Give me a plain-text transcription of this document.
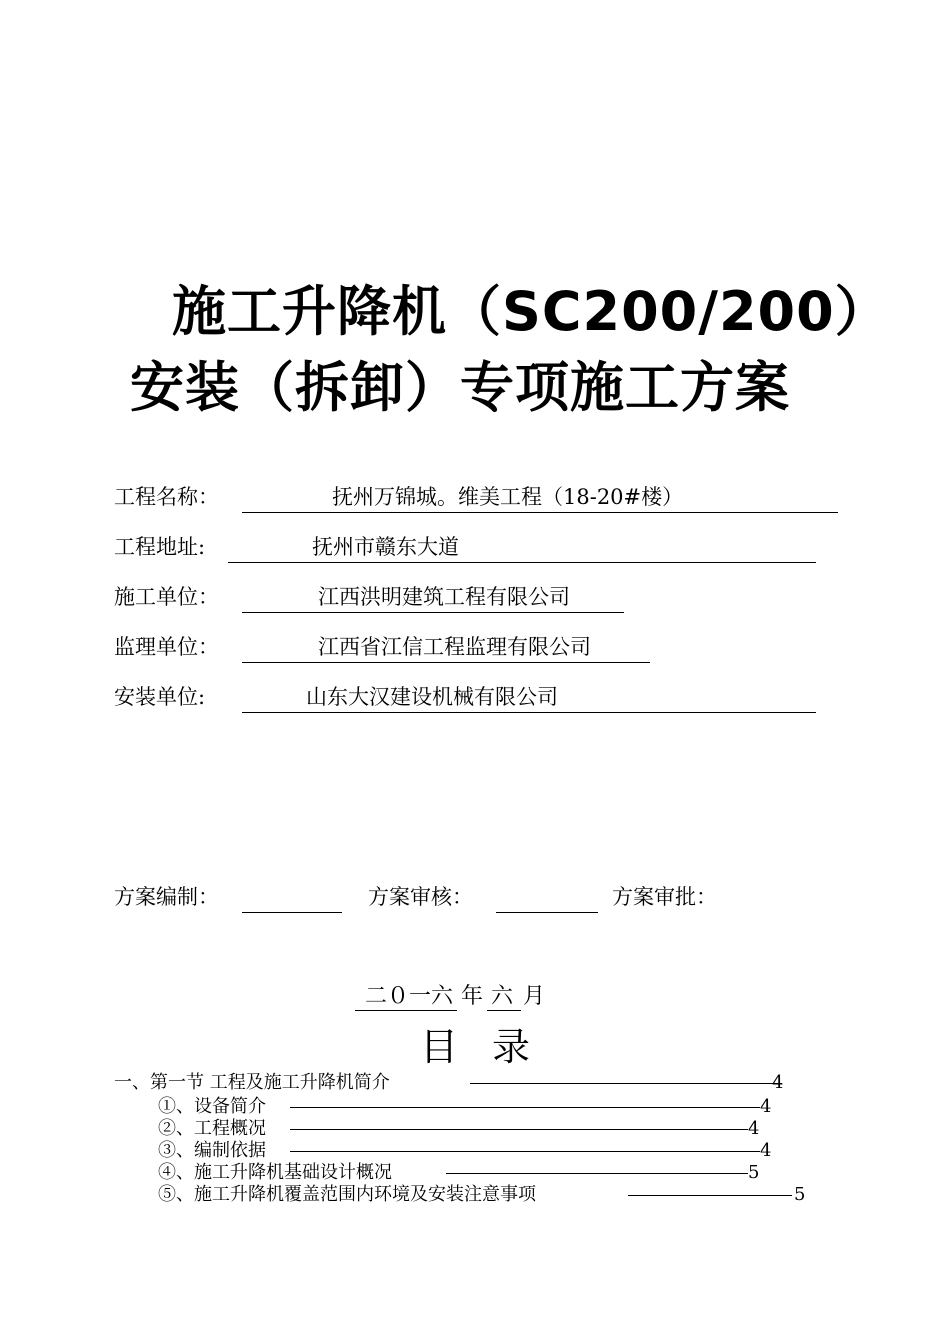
施工升降机（SC200/200）
安装（拆卸）专项施工方案
工程名称：	抚州万锦城。维美工程（18-20#楼）
工程地址:	抚州市赣东大道
施工单位：	江西洪明建筑工程有限公司
监理单位：	江西省江信工程监理有限公司
安装单位:	山东大汉建设机械有限公司
方案编制：	方案审核：	方案审批：
二０一六 年 六 月
目录
一、第一节 工程及施工升降机简介	4
①、设备简介	4
②、工程概况	4
③、编制依据	4
④、施工升降机基础设计概况	5
⑤、施工升降机覆盖范围内环境及安装注意事项	5
